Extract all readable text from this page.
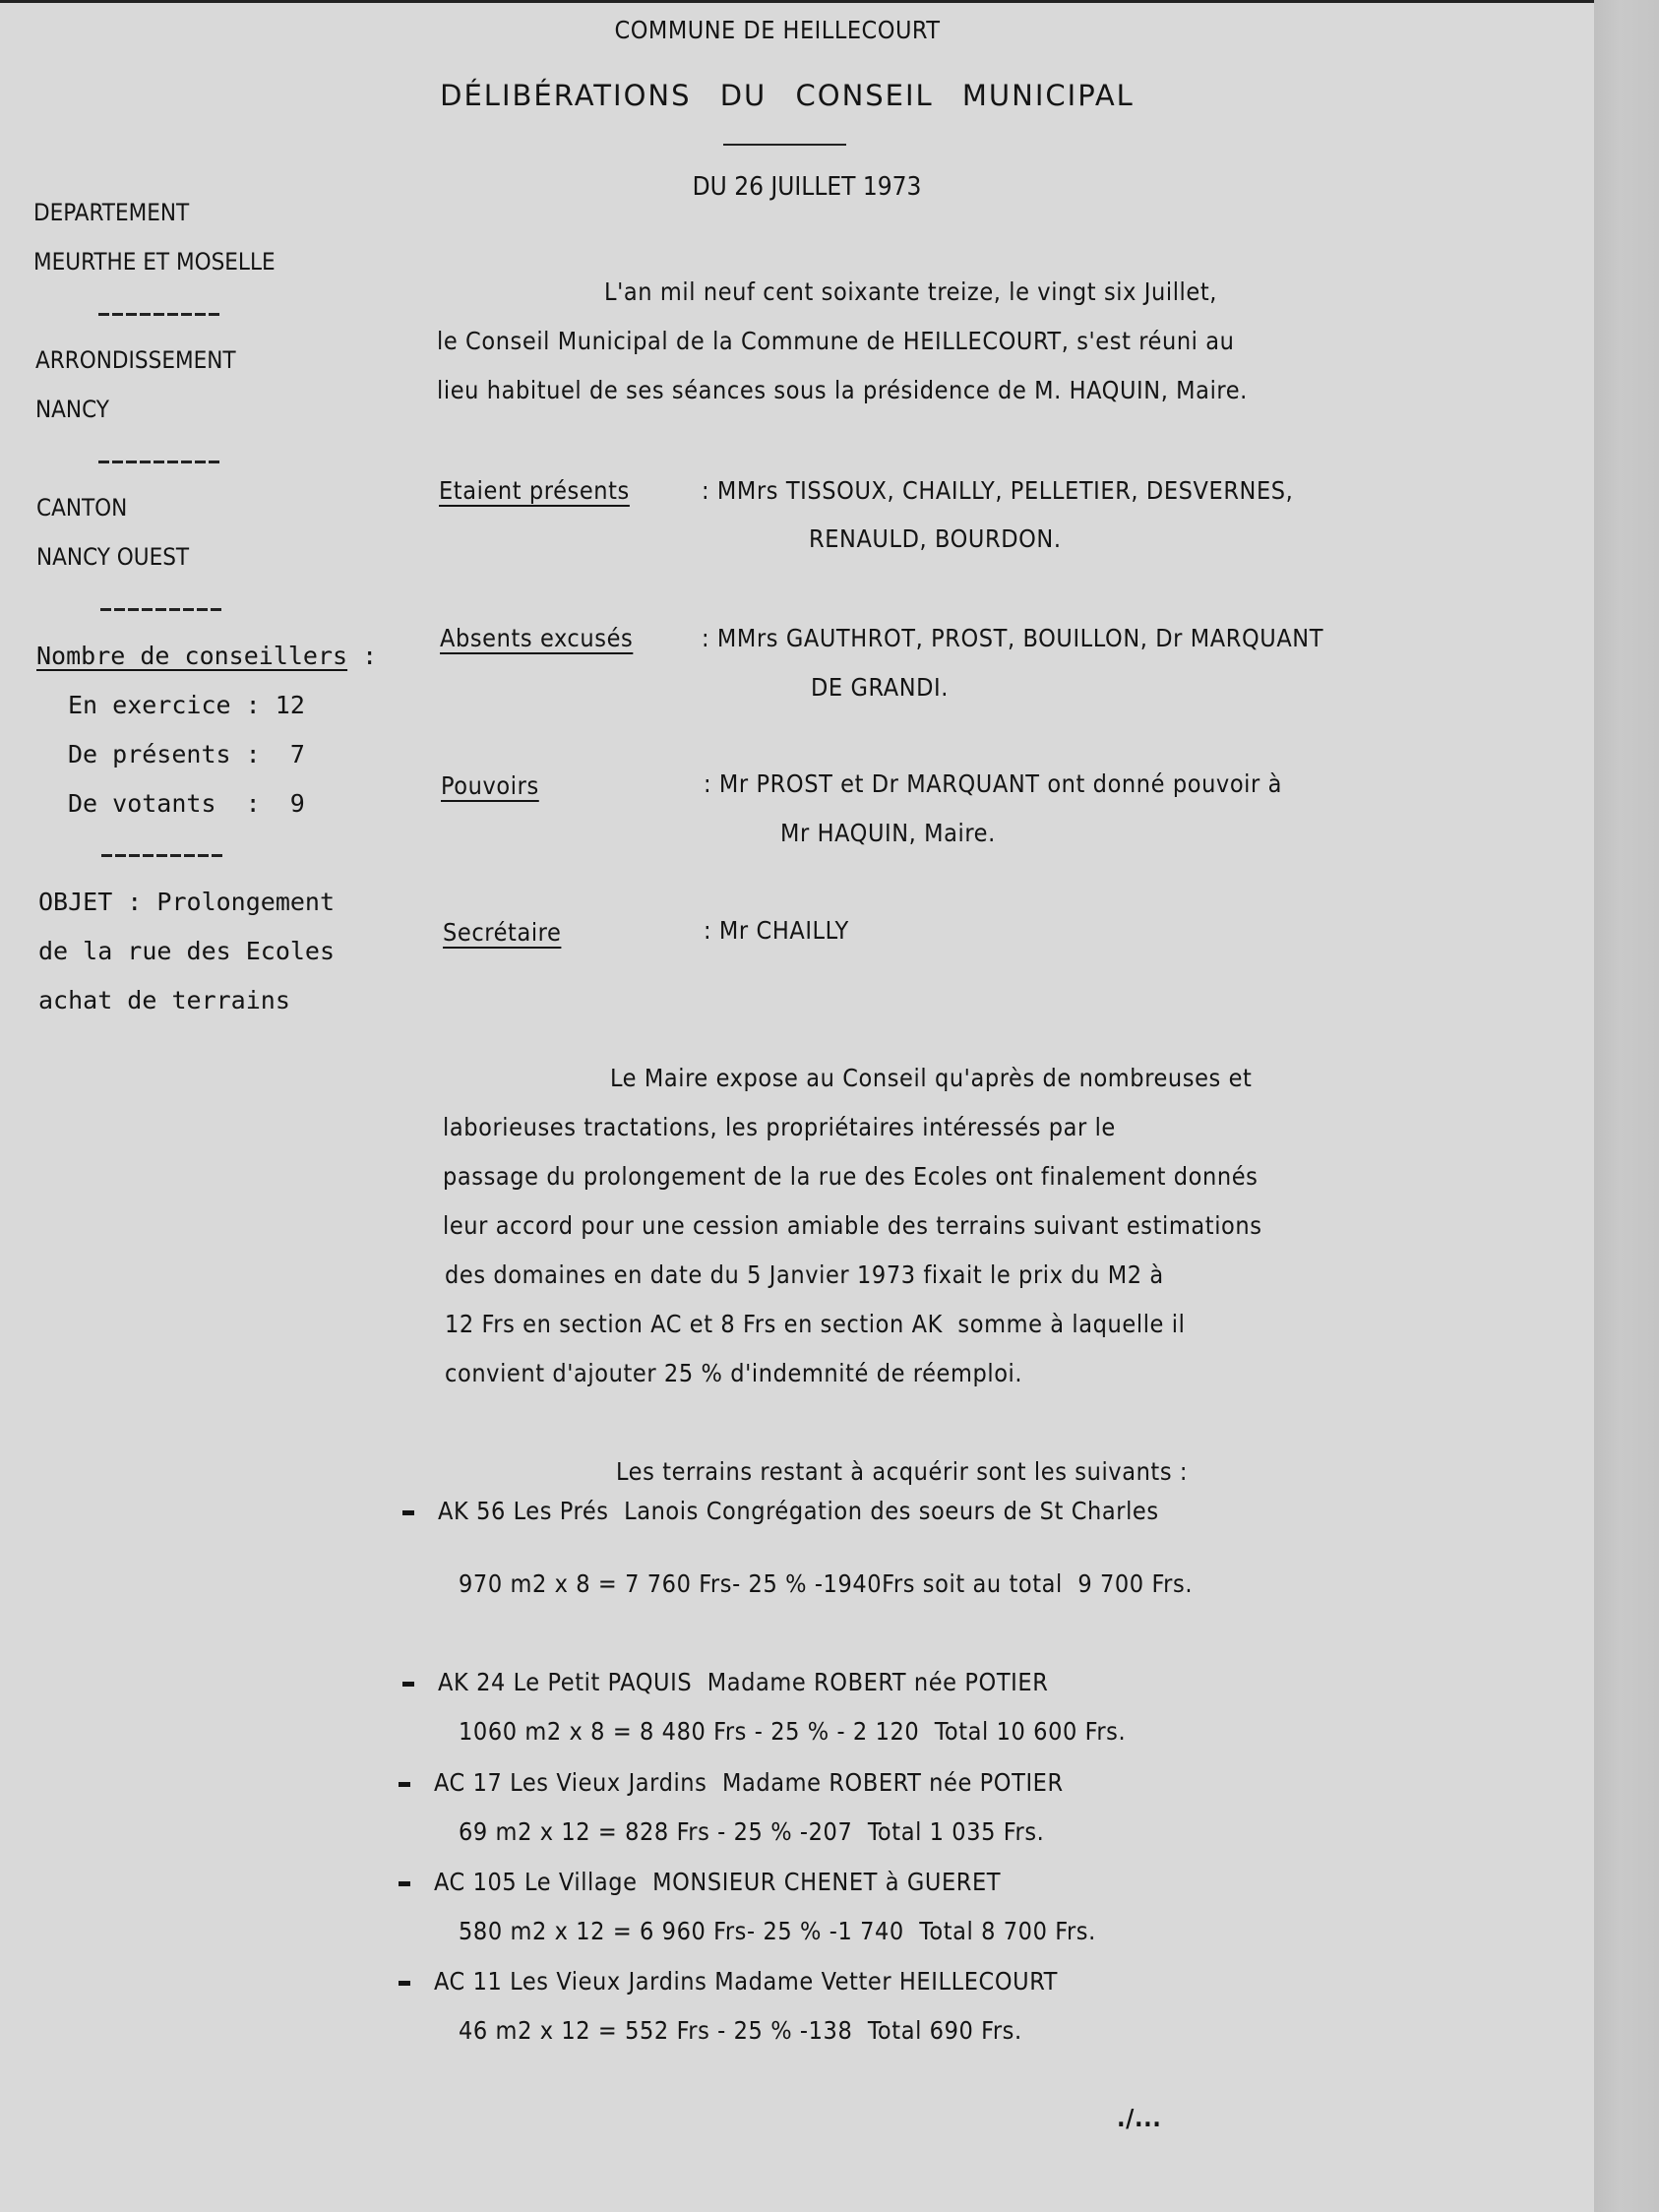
COMMUNE DE HEILLECOURT
DÉLIBÉRATIONS DU CONSEIL MUNICIPAL
DU 26 JUILLET 1973
DEPARTEMENT
MEURTHE ET MOSELLE
ARRONDISSEMENT
NANCY
CANTON
NANCY OUEST
Nombre de conseillers :
En exercice : 12
De présents : 7
De votants : 9
OBJET : Prolongement
de la rue des Ecoles
achat de terrains
L'an mil neuf cent soixante treize, le vingt six Juillet,
le Conseil Municipal de la Commune de HEILLECOURT, s'est réuni au
lieu habituel de ses séances sous la présidence de M. HAQUIN, Maire.
Etaient présents	: MMrs TISSOUX, CHAILLY, PELLETIER, DESVERNES,
RENAULD, BOURDON.
Absents excusés	: MMrs GAUTHROT, PROST, BOUILLON, Dr MARQUANT
DE GRANDI.
Pouvoirs	: Mr PROST et Dr MARQUANT ont donné pouvoir à
Mr HAQUIN, Maire.
Secrétaire	: Mr CHAILLY
Le Maire expose au Conseil qu'après de nombreuses et
laborieuses tractations, les propriétaires intéressés par le
passage du prolongement de la rue des Ecoles ont finalement donnés
leur accord pour une cession amiable des terrains suivant estimations
des domaines en date du 5 Janvier 1973 fixait le prix du M2 à
12 Frs en section AC et 8 Frs en section AK  somme à laquelle il
convient d'ajouter 25 % d'indemnité de réemploi.
Les terrains restant à acquérir sont les suivants :
AK 56 Les Prés  Lanois Congrégation des soeurs de St Charles
970 m2 x 8 = 7 760 Frs- 25 % -1940Frs soit au total  9 700 Frs.
AK 24 Le Petit PAQUIS  Madame ROBERT née POTIER
1060 m2 x 8 = 8 480 Frs - 25 % - 2 120  Total 10 600 Frs.
AC 17 Les Vieux Jardins  Madame ROBERT née POTIER
69 m2 x 12 = 828 Frs - 25 % -207  Total 1 035 Frs.
AC 105 Le Village  MONSIEUR CHENET à GUERET
580 m2 x 12 = 6 960 Frs- 25 % -1 740  Total 8 700 Frs.
AC 11 Les Vieux Jardins Madame Vetter HEILLECOURT
46 m2 x 12 = 552 Frs - 25 % -138  Total 690 Frs.
./...
